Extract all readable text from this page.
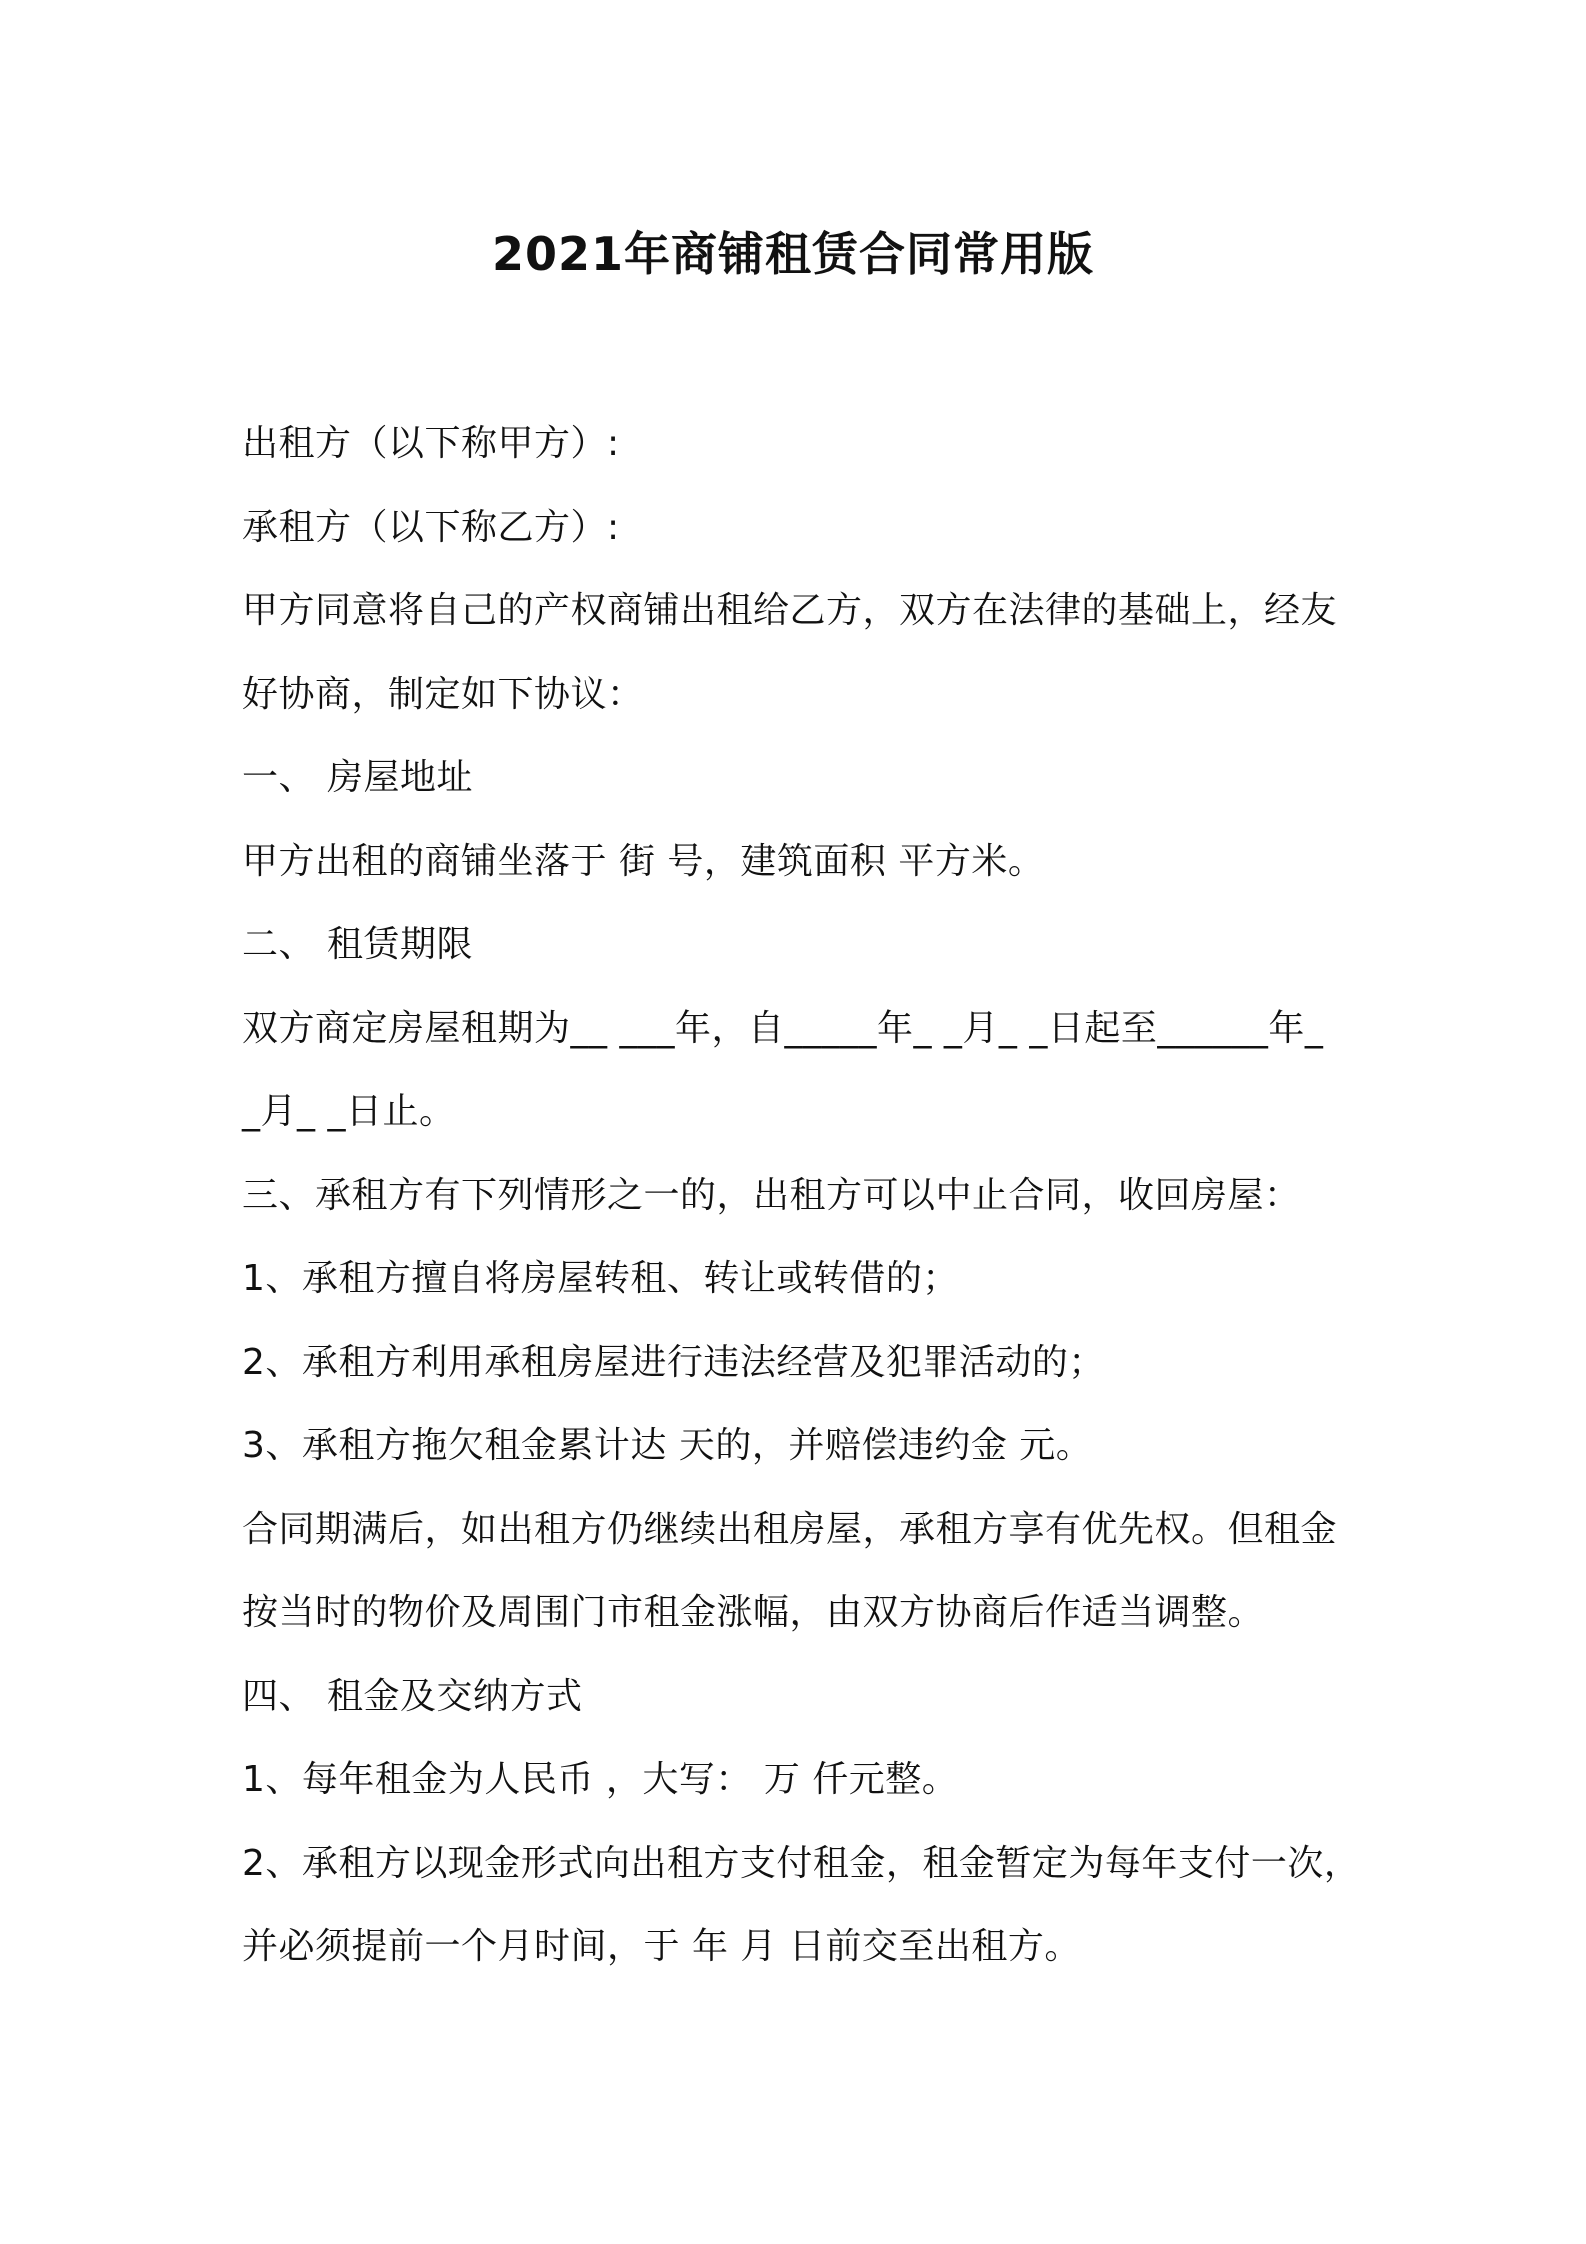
2021年商铺租赁合同常用版
出租方（以下称甲方）:
承租方（以下称乙方）:
甲方同意将自己的产权商铺出租给乙方，双方在法律的基础上，经友
好协商，制定如下协议：
一、 房屋地址
甲方出租的商铺坐落于 街 号，建筑面积 平方米。
二、 租赁期限
双方商定房屋租期为__ ___年，自_____年_ _月_ _日起至______年_
_月_ _日止。
三、承租方有下列情形之一的，出租方可以中止合同，收回房屋：
1、承租方擅自将房屋转租、转让或转借的；
2、承租方利用承租房屋进行违法经营及犯罪活动的；
3、承租方拖欠租金累计达 天的，并赔偿违约金 元。
合同期满后，如出租方仍继续出租房屋，承租方享有优先权。但租金
按当时的物价及周围门市租金涨幅，由双方协商后作适当调整。
四、 租金及交纳方式
1、每年租金为人民币 ，大写： 万 仟元整。
2、承租方以现金形式向出租方支付租金，租金暂定为每年支付一次，
并必须提前一个月时间，于 年 月 日前交至出租方。
